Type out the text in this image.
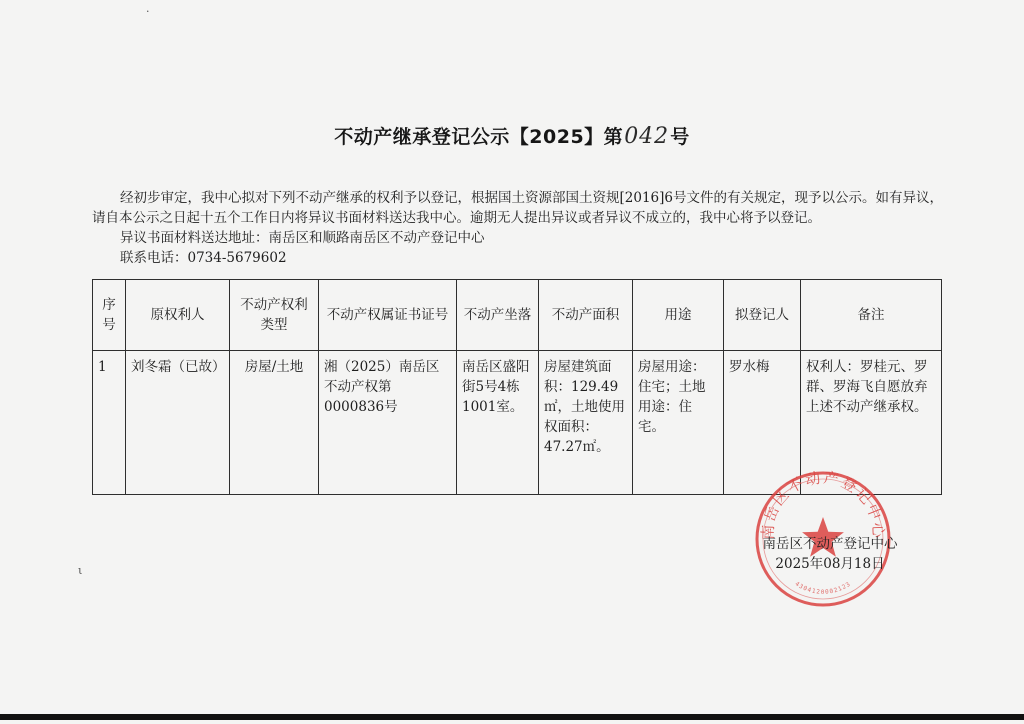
不动产继承登记公示【2025】第042号

经初步审定，我中心拟对下列不动产继承的权利予以登记，根据国土资源部国土资规[2016]6号文件的有关规定，现予以公示。如有异议，请自本公示之日起十五个工作日内将异议书面材料送达我中心。逾期无人提出异议或者异议不成立的，我中心将予以登记。

异议书面材料送达地址：南岳区和顺路南岳区不动产登记中心

联系电话：0734-5679602

序号	原权利人	不动产权利类型	不动产权属证书证号	不动产坐落	不动产面积	用途	拟登记人	备注
1	刘冬霜（已故）	房屋/土地	湘（2025）南岳区不动产权第0000836号	南岳区盛阳街5号4栋1001室。	房屋建筑面积：129.49㎡，土地使用权面积：47.27㎡。	房屋用途：住宅；土地用途：住宅。	罗水梅	权利人：罗桂元、罗群、罗海飞自愿放弃上述不动产继承权。
南岳区不动产登记中心
4304120002123

南岳区不动产登记中心

2025年08月18日

·
ι
